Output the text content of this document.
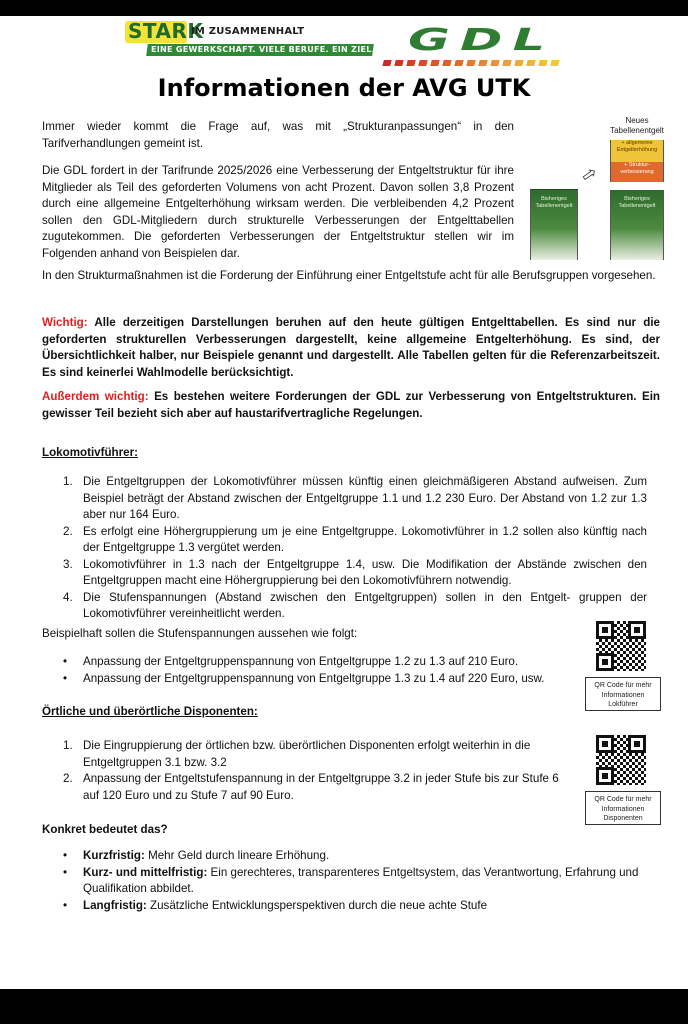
STARK
IM ZUSAMMENHALT
EINE GEWERKSCHAFT. VIELE BERUFE. EIN ZIEL. GDL
Informationen der AVG UTK
Immer wieder kommt die Frage auf, was mit „Strukturanpassungen“ in den Tarifverhandlungen gemeint ist.
Die GDL fordert in der Tarifrunde 2025/2026 eine Verbesserung der Entgeltstruktur für ihre Mitglieder als Teil des geforderten Volumens von acht Prozent. Davon sollen 3,8 Prozent durch eine allgemeine Entgelterhöhung wirksam werden. Die verbleibenden 4,2 Prozent sollen den GDL-Mitgliedern durch strukturelle Verbesserungen der Entgelttabellen zugutekommen. Die geforderten Verbesserungen der Entgeltstruktur stellen wir im Folgenden anhand von Beispielen dar.
In den Strukturmaßnahmen ist die Forderung der Einführung einer Entgeltstufe acht für alle Berufsgruppen vorgesehen.
Neues Tabellenentgelt
Bisheriges Tabellenentgelt
⇨
+ allgemeine Entgelterhöhung
+ Struktur-verbesserung
Bisheriges Tabellenentgelt
Wichtig: Alle derzeitigen Darstellungen beruhen auf den heute gültigen Entgelttabellen. Es sind nur die geforderten strukturellen Verbesserungen dargestellt, keine allgemeine Entgelterhöhung. Es sind, der Übersichtlichkeit halber, nur Beispiele genannt und dargestellt. Alle Tabellen gelten für die Referenzarbeitszeit. Es sind keinerlei Wahlmodelle berücksichtigt.
Außerdem wichtig: Es bestehen weitere Forderungen der GDL zur Verbesserung von Entgeltstrukturen. Ein gewisser Teil bezieht sich aber auf haustarifvertragliche Regelungen.
Lokomotivführer:
1. Die Entgeltgruppen der Lokomotivführer müssen künftig einen gleichmäßigeren Abstand aufweisen. Zum Beispiel beträgt der Abstand zwischen der Entgeltgruppe 1.1 und 1.2 230 Euro. Der Abstand von 1.2 zur 1.3 aber nur 164 Euro.
2. Es erfolgt eine Höhergruppierung um je eine Entgeltgruppe. Lokomotivführer in 1.2 sollen also künftig nach der Entgeltgruppe 1.3 vergütet werden.
3. Lokomotivführer in 1.3 nach der Entgeltgruppe 1.4, usw. Die Modifikation der Abstände zwischen den Entgeltgruppen macht eine Höhergruppierung bei den Lokomotivführern notwendig.
4. Die Stufenspannungen (Abstand zwischen den Entgeltgruppen) sollen in den Entgelt- gruppen der Lokomotivführer vereinheitlicht werden.
Beispielhaft sollen die Stufenspannungen aussehen wie folgt:
• Anpassung der Entgeltgruppenspannung von Entgeltgruppe 1.2 zu 1.3 auf 210 Euro.
• Anpassung der Entgeltgruppenspannung von Entgeltgruppe 1.3 zu 1.4 auf 220 Euro, usw.
QR Code für mehr Informationen Lokführer
Örtliche und überörtliche Disponenten:
1. Die Eingruppierung der örtlichen bzw. überörtlichen Disponenten erfolgt weiterhin in die Entgeltgruppen 3.1 bzw. 3.2
2. Anpassung der Entgeltstufenspannung in der Entgeltgruppe 3.2 in jeder Stufe bis zur Stufe 6 auf 120 Euro und zu Stufe 7 auf 90 Euro.	QR Code für mehr Informationen Disponenten
Konkret bedeutet das?
• Kurzfristig: Mehr Geld durch lineare Erhöhung.
• Kurz- und mittelfristig: Ein gerechteres, transparenteres Entgeltsystem, das Verantwortung, Erfahrung und Qualifikation abbildet.
• Langfristig: Zusätzliche Entwicklungsperspektiven durch die neue achte Stufe
